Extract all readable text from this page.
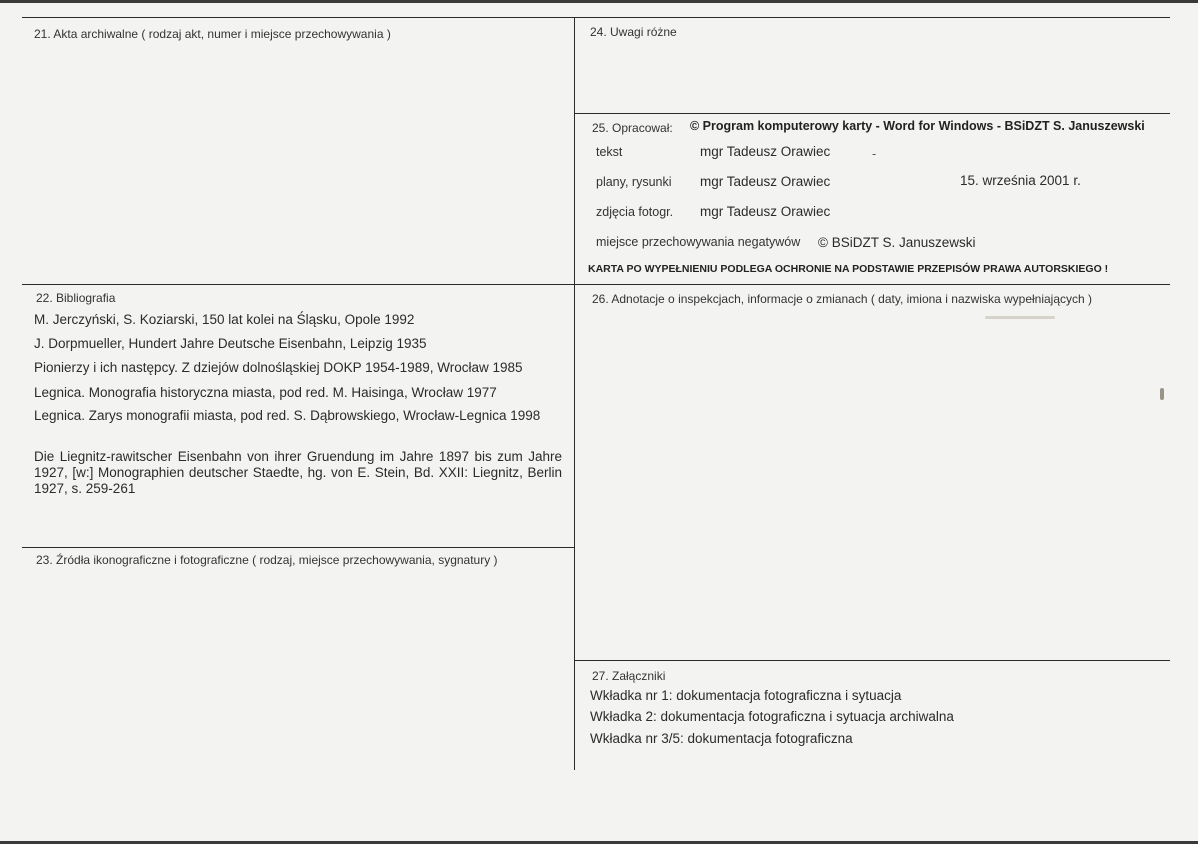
21. Akta archiwalne ( rodzaj akt, numer i miejsce przechowywania )	24. Uwagi różne
25. Opracował: © Program komputerowy karty - Word for Windows - BSiDZT S. Januszewski
tekst	mgr Tadeusz Orawiec	-
plany, rysunki mgr Tadeusz Orawiec	15. września 2001 r.
zdjęcia fotogr. mgr Tadeusz Orawiec
miejsce przechowywania negatywów © BSiDZT S. Januszewski
KARTA PO WYPEŁNIENIU PODLEGA OCHRONIE NA PODSTAWIE PRZEPISÓW PRAWA AUTORSKIEGO !
22. Bibliografia
M. Jerczyński, S. Koziarski, 150 lat kolei na Śląsku, Opole 1992
J. Dorpmueller, Hundert Jahre Deutsche Eisenbahn, Leipzig 1935
Pionierzy i ich następcy. Z dziejów dolnośląskiej DOKP 1954-1989, Wrocław 1985
Legnica. Monografia historyczna miasta, pod red. M. Haisinga, Wrocław 1977
Legnica. Zarys monografii miasta, pod red. S. Dąbrowskiego, Wrocław-Legnica 1998
Die Liegnitz-rawitscher Eisenbahn von ihrer Gruendung im Jahre 1897 bis zum Jahre 1927, [w:] Monographien deutscher Staedte, hg. von E. Stein, Bd. XXII: Liegnitz, Berlin 1927, s. 259-261
26. Adnotacje o inspekcjach, informacje o zmianach ( daty, imiona i nazwiska wypełniających )
23. Źródła ikonograficzne i fotograficzne ( rodzaj, miejsce przechowywania, sygnatury )
27. Załączniki
Wkładka nr 1: dokumentacja fotograficzna i sytuacja
Wkładka 2: dokumentacja fotograficzna i sytuacja archiwalna
Wkładka nr 3/5: dokumentacja fotograficzna
